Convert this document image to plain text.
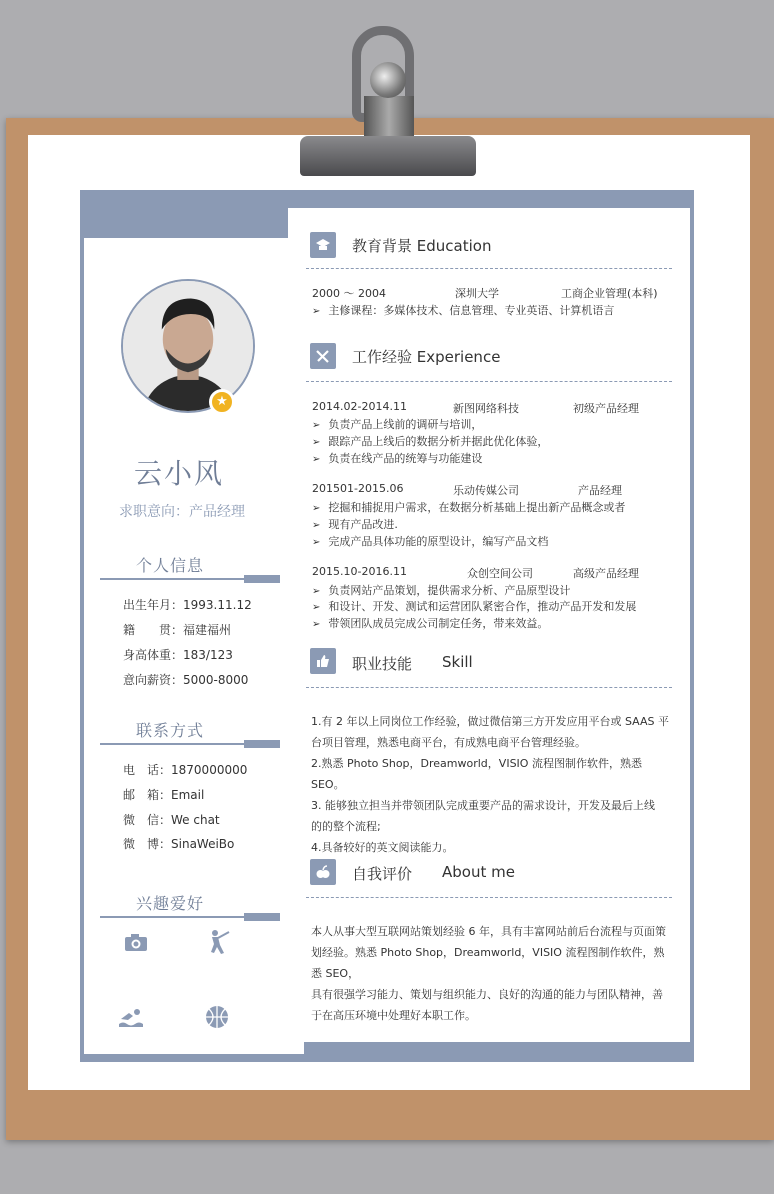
★
云小风
求职意向：产品经理
个人信息
出生年月：1993.11.12
籍　　贯：福建福州
身高体重：183/123
意向薪资：5000-8000
联系方式
电　话：1870000000
邮　箱：Email
微　信：We chat
微　博：SinaWeiBo
兴趣爱好
教育背景 Education
2000 ～ 2004	深圳大学	工商企业管理(本科)
➢ 主修课程：多媒体技术、信息管理、专业英语、计算机语言
工作经验 Experience
2014.02-2014.11	新图网络科技	初级产品经理
➢ 负责产品上线前的调研与培训，
➢ 跟踪产品上线后的数据分析并据此优化体验，
➢ 负责在线产品的统筹与功能建设
201501-2015.06	乐动传媒公司	产品经理
➢ 挖掘和捕捉用户需求，在数据分析基础上提出新产品概念或者
➢ 现有产品改进.
➢ 完成产品具体功能的原型设计，编写产品文档
2015.10-2016.11	众创空间公司	高级产品经理
➢ 负责网站产品策划，提供需求分析、产品原型设计
➢ 和设计、开发、测试和运营团队紧密合作，推动产品开发和发展
➢ 带领团队成员完成公司制定任务，带来效益。
职业技能 Skill
1.有 2 年以上同岗位工作经验，做过微信第三方开发应用平台或 SAAS 平
台项目管理，熟悉电商平台，有成熟电商平台管理经验。
2.熟悉 Photo Shop，Dreamworld，VISIO 流程图制作软件，熟悉 SEO。
3. 能够独立担当并带领团队完成重要产品的需求设计，开发及最后上线
的的整个流程;
4.具备较好的英文阅读能力。
自我评价 About me
本人从事大型互联网站策划经验 6 年，具有丰富网站前后台流程与页面策
划经验。熟悉 Photo Shop，Dreamworld，VISIO 流程图制作软件，熟悉 SEO，
具有很强学习能力、策划与组织能力、良好的沟通的能力与团队精神，善
于在高压环境中处理好本职工作。
